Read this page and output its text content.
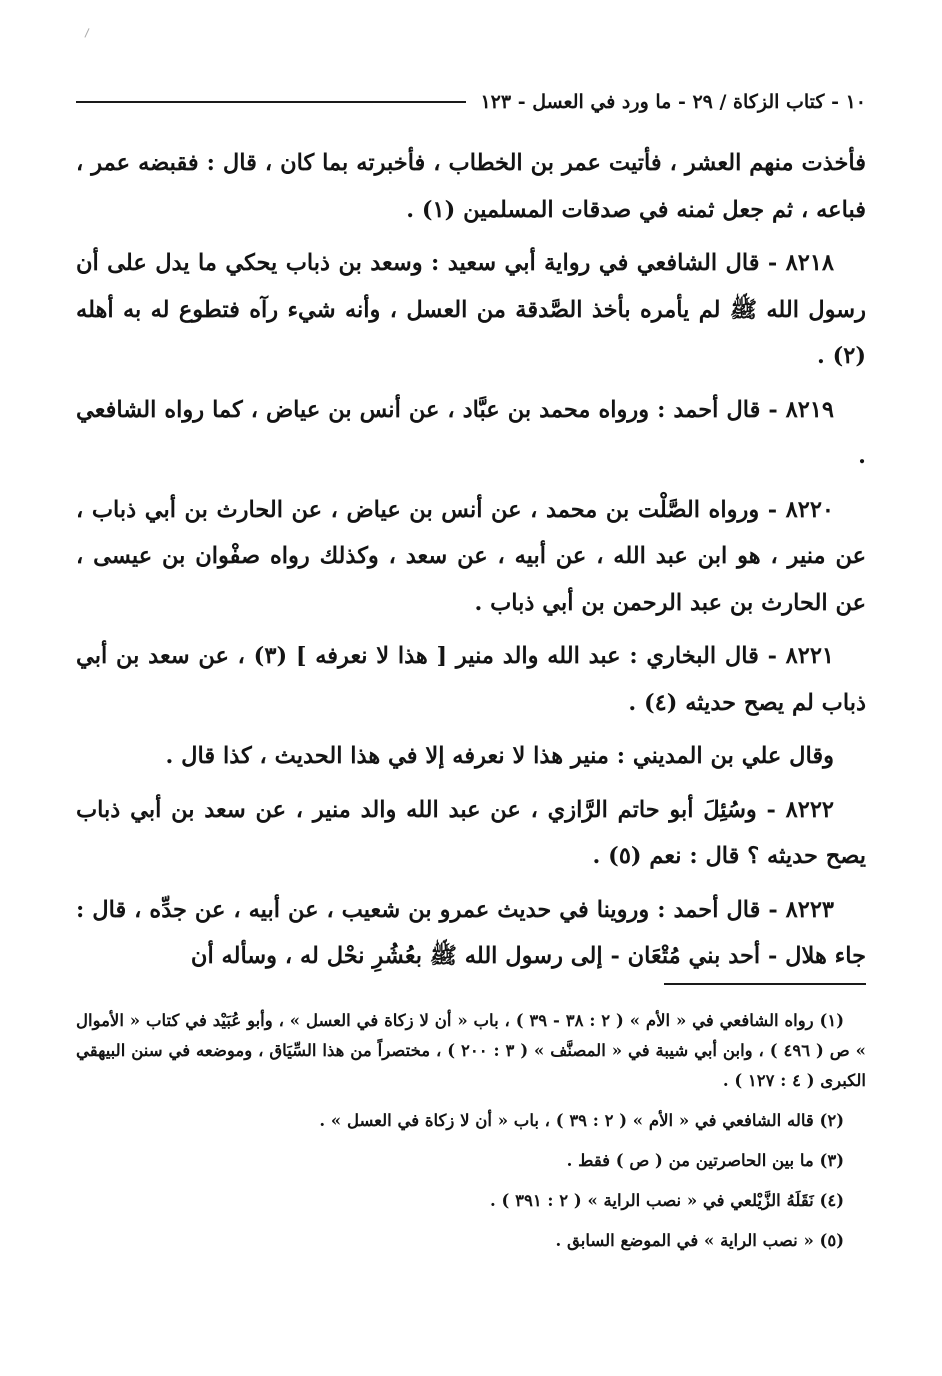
١٠ - كتاب الزكاة / ٢٩ - ما ورد في العسل - ١٢٣

فأخذت منهم العشر ، فأتيت عمر بن الخطاب ، فأخبرته بما كان ، قال : فقبضه عمر ، فباعه ، ثم جعل ثمنه في صدقات المسلمين (١) .

٨٢١٨ - قال الشافعي في رواية أبي سعيد : وسعد بن ذباب يحكي ما يدل على أن رسول الله ﷺ لم يأمره بأخذ الصَّدقة من العسل ، وأنه شيء رآه فتطوع له به أهله (٢) .

٨٢١٩ - قال أحمد : ورواه محمد بن عبَّاد ، عن أنس بن عياض ، كما رواه الشافعي .

٨٢٢٠ - ورواه الصَّلْت بن محمد ، عن أنس بن عياض ، عن الحارث بن أبي ذباب ، عن منير ، هو ابن عبد الله ، عن أبيه ، عن سعد ، وكذلك رواه صفْوان بن عيسى ، عن الحارث بن عبد الرحمن بن أبي ذباب .

٨٢٢١ - قال البخاري : عبد الله والد منير [ هذا لا نعرفه ] (٣) ، عن سعد بن أبي ذباب لم يصح حديثه (٤) .

وقال علي بن المديني : منير هذا لا نعرفه إلا في هذا الحديث ، كذا قال .

٨٢٢٢ - وسُئِلَ أبو حاتم الرَّازي ، عن عبد الله والد منير ، عن سعد بن أبي ذباب يصح حديثه ؟ قال : نعم (٥) .

٨٢٢٣ - قال أحمد : وروينا في حديث عمرو بن شعيب ، عن أبيه ، عن جدِّه ، قال : جاء هلال - أحد بني مُتْعَان - إلى رسول الله ﷺ بعُشُرِ نحْل له ، وسأله أن

(١) رواه الشافعي في « الأم » ( ٢ : ٣٨ - ٣٩ ) ، باب « أن لا زكاة في العسل » ، وأبو عُبَيْد في كتاب « الأموال » ص ( ٤٩٦ ) ، وابن أبي شيبة في « المصنَّف » ( ٣ : ٢٠٠ ) ، مختصراً من هذا السِّيَاق ، وموضعه في سنن البيهقي الكبرى ( ٤ : ١٢٧ ) .

(٢) قاله الشافعي في « الأم » ( ٢ : ٣٩ ) ، باب « أن لا زكاة في العسل » .

(٣) ما بين الحاصرتين من ( ص ) فقط .

(٤) نَقَلَهُ الزَّيْلعي في « نصب الراية » ( ٢ : ٣٩١ ) .

(٥) « نصب الراية » في الموضع السابق .
